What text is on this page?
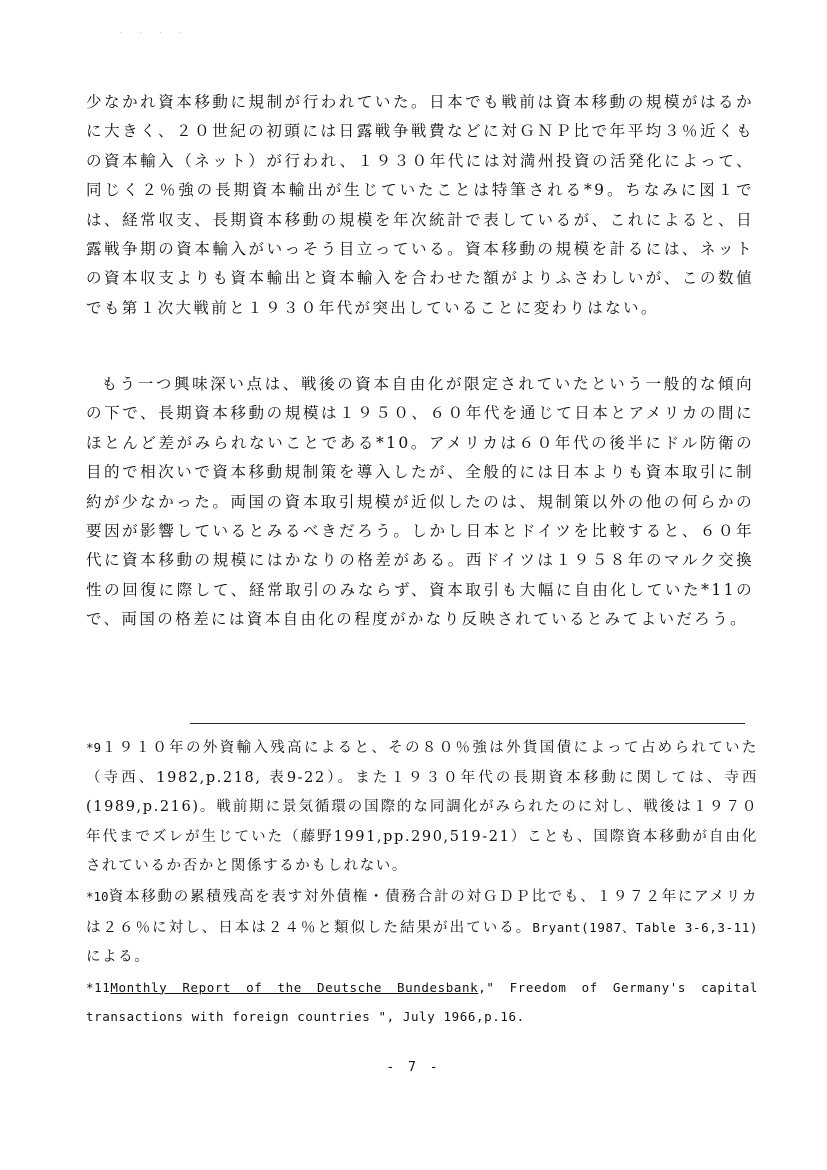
· · · ·

少なかれ資本移動に規制が行われていた。日本でも戦前は資本移動の規模がはるかに大きく、２０世紀の初頭には日露戦争戦費などに対ＧＮＰ比で年平均３％近くもの資本輸入（ネット）が行われ、１９３０年代には対満州投資の活発化によって、同じく２％強の長期資本輸出が生じていたことは特筆される*9。ちなみに図１では、経常収支、長期資本移動の規模を年次統計で表しているが、これによると、日露戦争期の資本輸入がいっそう目立っている。資本移動の規模を計るには、ネットの資本収支よりも資本輸出と資本輸入を合わせた額がよりふさわしいが、この数値でも第１次大戦前と１９３０年代が突出していることに変わりはない。

もう一つ興味深い点は、戦後の資本自由化が限定されていたという一般的な傾向の下で、長期資本移動の規模は１９５０、６０年代を通じて日本とアメリカの間にほとんど差がみられないことである*10。アメリカは６０年代の後半にドル防衛の目的で相次いで資本移動規制策を導入したが、全般的には日本よりも資本取引に制約が少なかった。両国の資本取引規模が近似したのは、規制策以外の他の何らかの要因が影響しているとみるべきだろう。しかし日本とドイツを比較すると、６０年代に資本移動の規模にはかなりの格差がある。西ドイツは１９５８年のマルク交換性の回復に際して、経常取引のみならず、資本取引も大幅に自由化していた*11ので、両国の格差には資本自由化の程度がかなり反映されているとみてよいだろう。

*9１９１０年の外資輸入残高によると、その８０％強は外貨国債によって占められていた（寺西、1982,p.218, 表9-22）。また１９３０年代の長期資本移動に関しては、寺西(1989,p.216)。戦前期に景気循環の国際的な同調化がみられたのに対し、戦後は１９７０年代までズレが生じていた（藤野1991,pp.290,519-21）ことも、国際資本移動が自由化されているか否かと関係するかもしれない。

*10資本移動の累積残高を表す対外債権・債務合計の対ＧＤＰ比でも、１９７２年にアメリカは２６％に対し、日本は２４％と類似した結果が出ている。Bryant(1987、Table 3-6,3-11)による。

*11Monthly Report of the Deutsche Bundesbank," Freedom of Germany's capital transactions with foreign countries ", July 1966,p.16.

- 7 -
